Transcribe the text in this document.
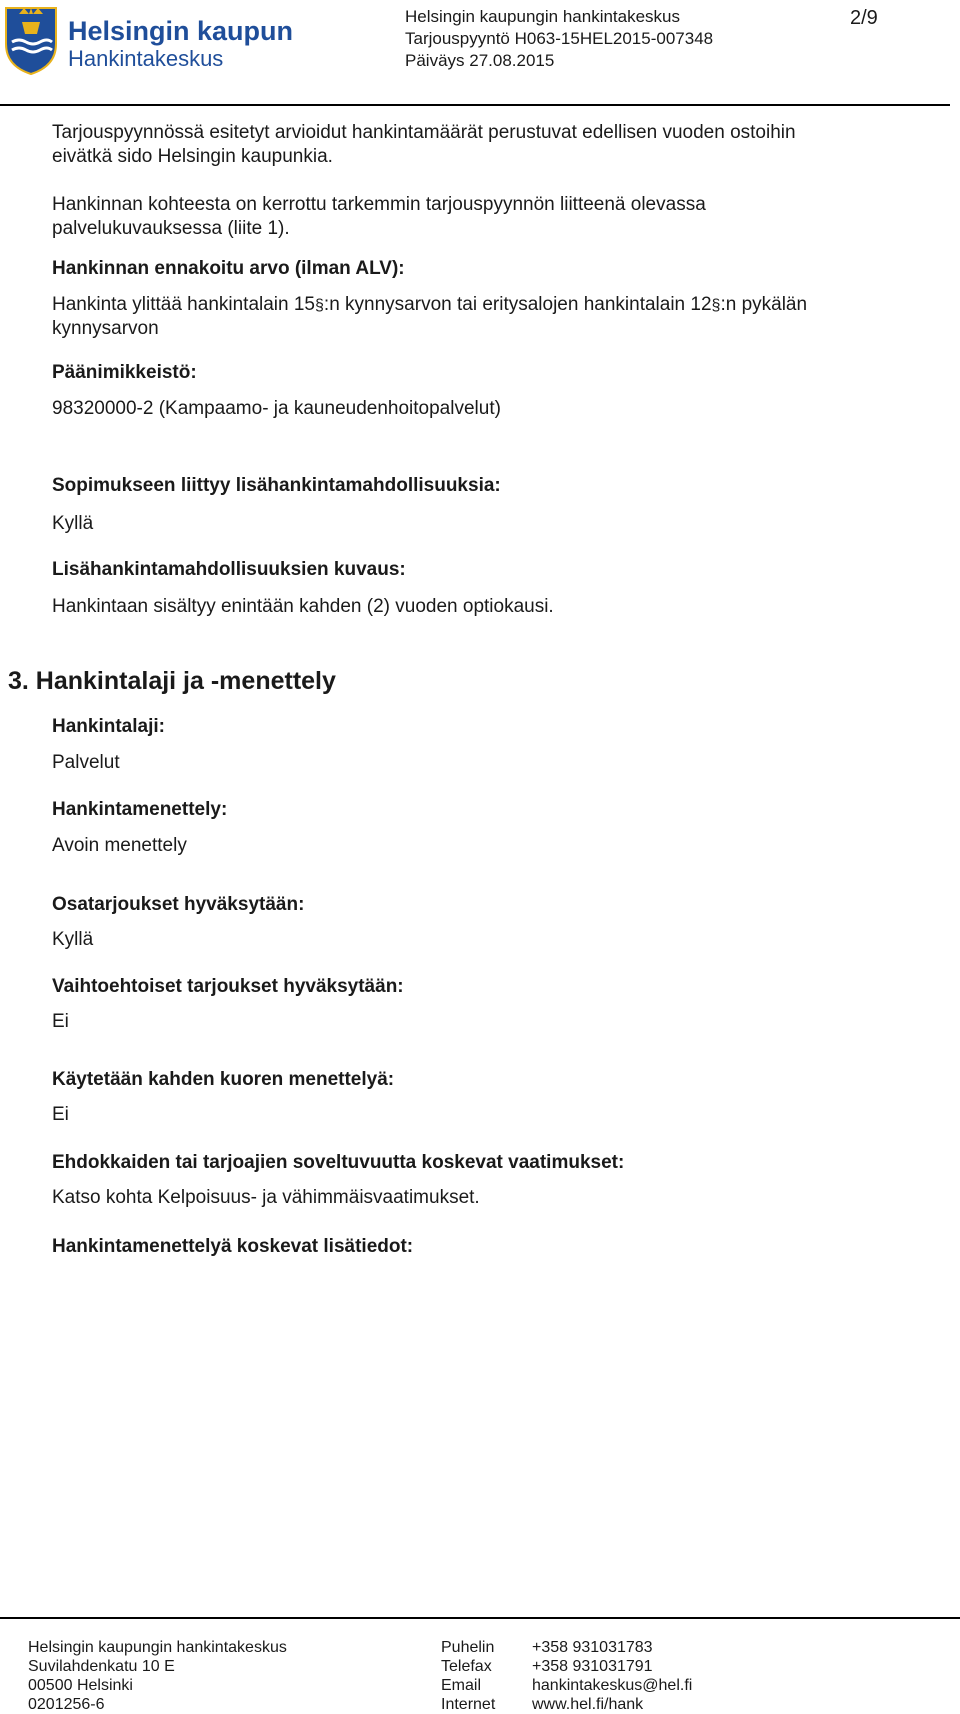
Helsingin kaupunki
Hankintakeskus
Helsingin kaupungin hankintakeskus
Tarjouspyyntö H063-15HEL2015-007348
Päiväys 27.08.2015
2/9
Tarjouspyynnössä esitetyt arvioidut hankintamäärät perustuvat edellisen vuoden ostoihin
eivätkä sido Helsingin kaupunkia.
Hankinnan kohteesta on kerrottu tarkemmin tarjouspyynnön liitteenä olevassa
palvelukuvauksessa (liite 1).
Hankinnan ennakoitu arvo (ilman ALV):
Hankinta ylittää hankintalain 15§:n kynnysarvon tai eritysalojen hankintalain 12§:n pykälän
kynnysarvon
Päänimikkeistö:
98320000-2 (Kampaamo- ja kauneudenhoitopalvelut)
Sopimukseen liittyy lisähankintamahdollisuuksia:
Kyllä
Lisähankintamahdollisuuksien kuvaus:
Hankintaan sisältyy enintään kahden (2) vuoden optiokausi.
3. Hankintalaji ja -menettely
Hankintalaji:
Palvelut
Hankintamenettely:
Avoin menettely
Osatarjoukset hyväksytään:
Kyllä
Vaihtoehtoiset tarjoukset hyväksytään:
Ei
Käytetään kahden kuoren menettelyä:
Ei
Ehdokkaiden tai tarjoajien soveltuvuutta koskevat vaatimukset:
Katso kohta Kelpoisuus- ja vähimmäisvaatimukset.
Hankintamenettelyä koskevat lisätiedot:
Helsingin kaupungin hankintakeskus
Suvilahdenkatu 10 E
00500 Helsinki
0201256-6
Puhelin
Telefax
Email
Internet
+358 931031783
+358 931031791
hankintakeskus@hel.fi
www.hel.fi/hank
